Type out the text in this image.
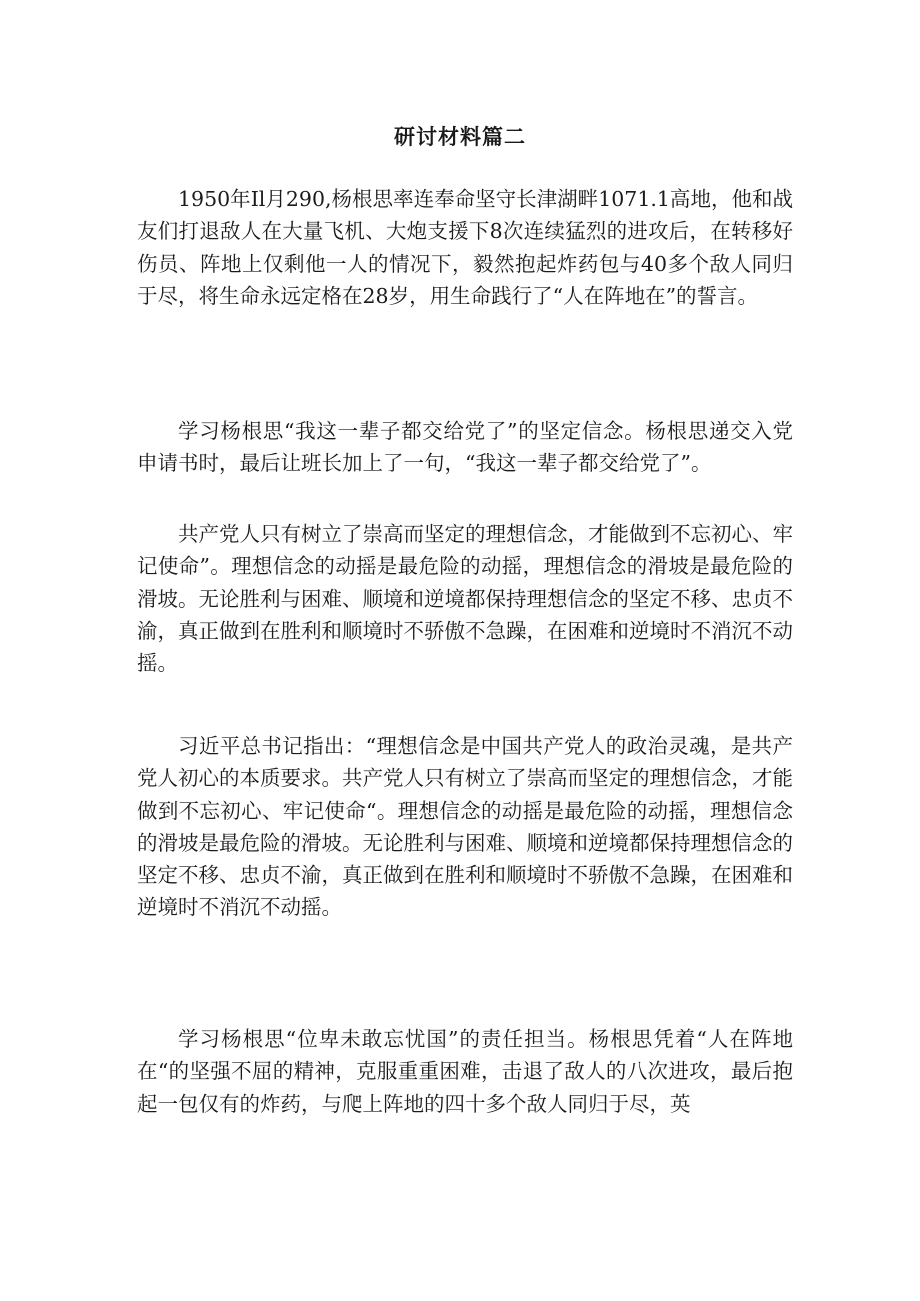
研讨材料篇二

1950年Il月290,杨根思率连奉命坚守长津湖畔1071.1高地，他和战友们打退敌人在大量飞机、大炮支援下8次连续猛烈的进攻后，在转移好伤员、阵地上仅剩他一人的情况下，毅然抱起炸药包与40多个敌人同归于尽，将生命永远定格在28岁，用生命践行了“人在阵地在”的誓言。

学习杨根思“我这一辈子都交给党了”的坚定信念。杨根思递交入党申请书时，最后让班长加上了一句，“我这一辈子都交给党了”。

共产党人只有树立了崇高而坚定的理想信念，才能做到不忘初心、牢记使命”。理想信念的动摇是最危险的动摇，理想信念的滑坡是最危险的滑坡。无论胜利与困难、顺境和逆境都保持理想信念的坚定不移、忠贞不渝，真正做到在胜利和顺境时不骄傲不急躁，在困难和逆境时不消沉不动摇。

习近平总书记指出：“理想信念是中国共产党人的政治灵魂，是共产党人初心的本质要求。共产党人只有树立了崇高而坚定的理想信念，才能做到不忘初心、牢记使命“。理想信念的动摇是最危险的动摇，理想信念的滑坡是最危险的滑坡。无论胜利与困难、顺境和逆境都保持理想信念的坚定不移、忠贞不渝，真正做到在胜利和顺境时不骄傲不急躁，在困难和逆境时不消沉不动摇。

学习杨根思“位卑未敢忘忧国”的责任担当。杨根思凭着“人在阵地在“的坚强不屈的精神，克服重重困难，击退了敌人的八次进攻，最后抱起一包仅有的炸药，与爬上阵地的四十多个敌人同归于尽，英
